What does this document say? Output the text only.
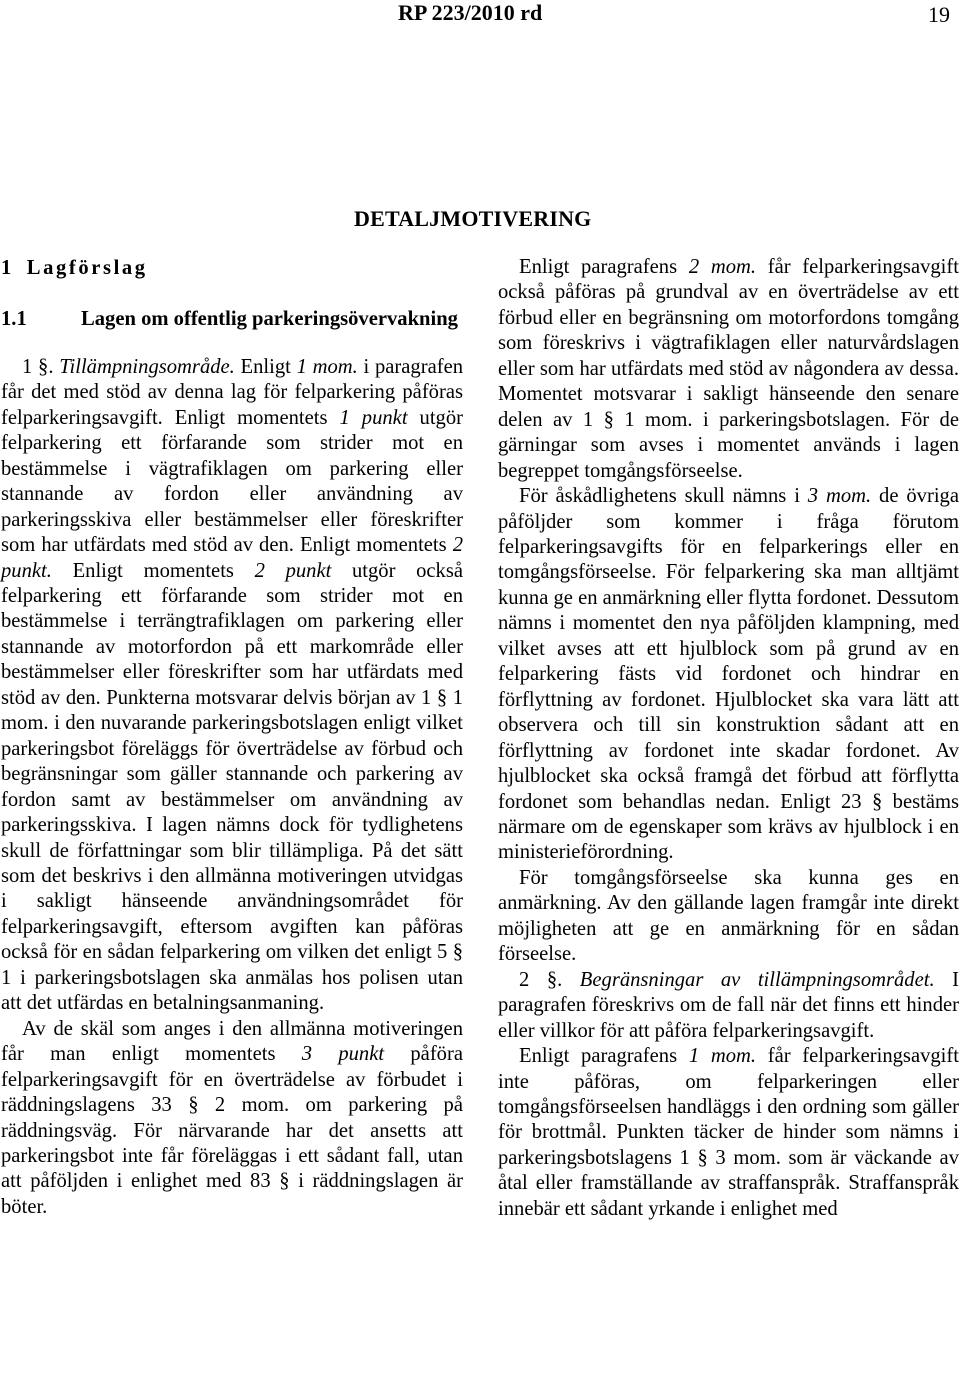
RP 223/2010 rd	19
DETALJMOTIVERING

1 Lagförslag

1.1	Lagen om offentlig parkeringsövervakning

1 §. Tillämpningsområde. Enligt 1 mom. i paragrafen får det med stöd av denna lag för felparkering påföras felparkeringsavgift. Enligt momentets 1 punkt utgör felparkering ett förfarande som strider mot en bestämmelse i vägtrafiklagen om parkering eller stannande av fordon eller användning av parkeringsskiva eller bestämmelser eller föreskrifter som har utfärdats med stöd av den. Enligt momentets 2 punkt. Enligt momentets 2 punkt utgör också felparkering ett förfarande som strider mot en bestämmelse i terrängtrafiklagen om parkering eller stannande av motorfordon på ett markområde eller bestämmelser eller föreskrifter som har utfärdats med stöd av den. Punkterna motsvarar delvis början av 1 § 1 mom. i den nuvarande parkeringsbotslagen enligt vilket parkeringsbot föreläggs för överträdelse av förbud och begränsningar som gäller stannande och parkering av fordon samt av bestämmelser om användning av parkeringsskiva. I lagen nämns dock för tydlighetens skull de författningar som blir tillämpliga. På det sätt som det beskrivs i den allmänna motiveringen utvidgas i sakligt hänseende användningsområdet för felparkeringsavgift, eftersom avgiften kan påföras också för en sådan felparkering om vilken det enligt 5 § 1 i parkeringsbotslagen ska anmälas hos polisen utan att det utfärdas en betalningsanmaning.

Av de skäl som anges i den allmänna motiveringen får man enligt momentets 3 punkt påföra felparkeringsavgift för en överträdelse av förbudet i räddningslagens 33 § 2 mom. om parkering på räddningsväg. För närvarande har det ansetts att parkeringsbot inte får föreläggas i ett sådant fall, utan att påföljden i enlighet med 83 § i räddningslagen är böter.

Enligt paragrafens 2 mom. får felparkeringsavgift också påföras på grundval av en överträdelse av ett förbud eller en begränsning om motorfordons tomgång som föreskrivs i vägtrafiklagen eller naturvårdslagen eller som har utfärdats med stöd av någondera av dessa. Momentet motsvarar i sakligt hänseende den senare delen av 1 § 1 mom. i parkeringsbotslagen. För de gärningar som avses i momentet används i lagen begreppet tomgångsförseelse.

För åskådlighetens skull nämns i 3 mom. de övriga påföljder som kommer i fråga förutom felparkeringsavgifts för en felparkerings eller en tomgångsförseelse. För felparkering ska man alltjämt kunna ge en anmärkning eller flytta fordonet. Dessutom nämns i momentet den nya påföljden klampning, med vilket avses att ett hjulblock som på grund av en felparkering fästs vid fordonet och hindrar en förflyttning av fordonet. Hjulblocket ska vara lätt att observera och till sin konstruktion sådant att en förflyttning av fordonet inte skadar fordonet. Av hjulblocket ska också framgå det förbud att förflytta fordonet som behandlas nedan. Enligt 23 § bestäms närmare om de egenskaper som krävs av hjulblock i en ministerieförordning.

För tomgångsförseelse ska kunna ges en anmärkning. Av den gällande lagen framgår inte direkt möjligheten att ge en anmärkning för en sådan förseelse.

2 §. Begränsningar av tillämpningsområdet. I paragrafen föreskrivs om de fall när det finns ett hinder eller villkor för att påföra felparkeringsavgift.

Enligt paragrafens 1 mom. får felparkeringsavgift inte påföras, om felparkeringen eller tomgångsförseelsen handläggs i den ordning som gäller för brottmål. Punkten täcker de hinder som nämns i parkeringsbotslagens 1 § 3 mom. som är väckande av åtal eller framställande av straffanspråk. Straffanspråk innebär ett sådant yrkande i enlighet med
